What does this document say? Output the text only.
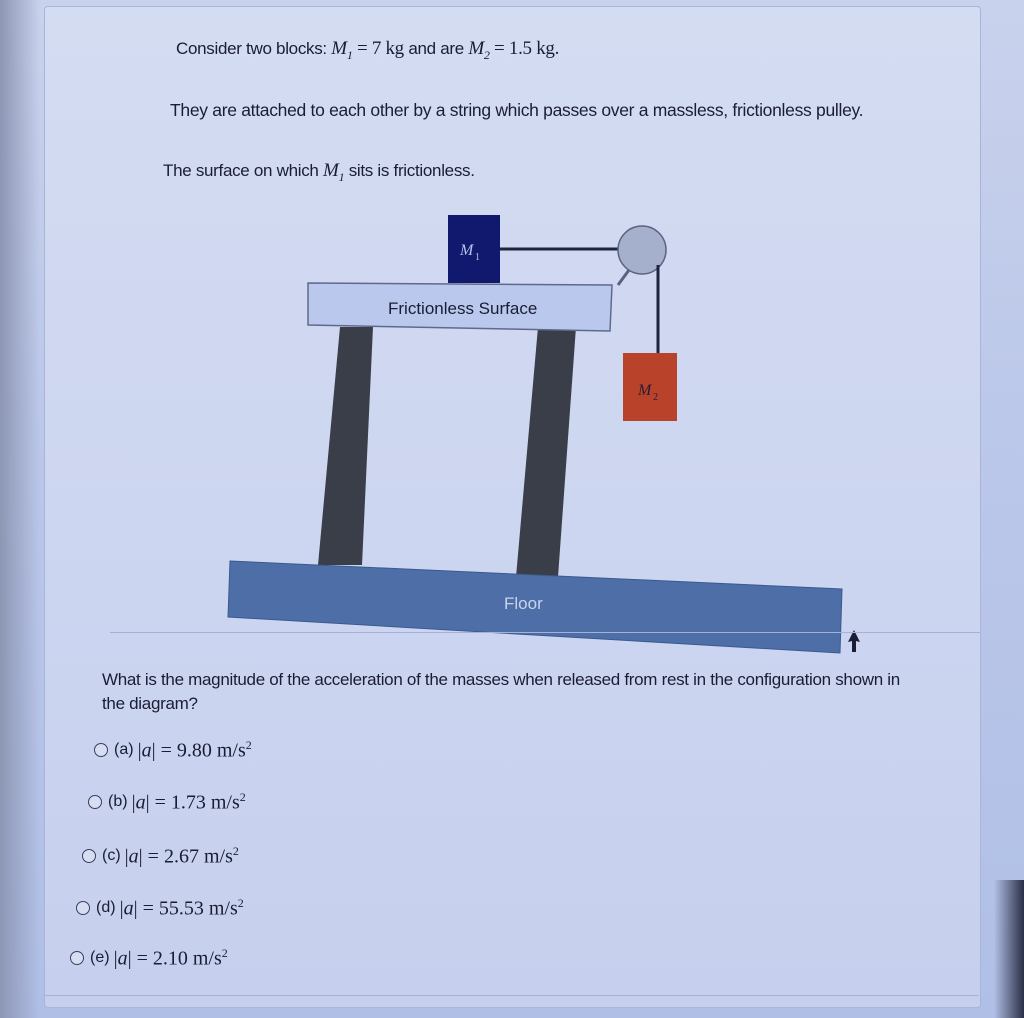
Consider two blocks: $M_1 = 7$ kg and are $M_2 = 1.5$ kg.
They are attached to each other by a string which passes over a massless, frictionless pulley.
The surface on which $M_1$ sits is frictionless.
Floor
Frictionless Surface
M 1
M 2
What is the magnitude of the acceleration of the masses when released from rest in the configuration shown in the diagram?
(a) |a| = 9.80 $m/s^2$
(b) |a| = 1.73 $m/s^2$
(c) |a| = 2.67 $m/s^2$
(d) |a| = 55.53 $m/s^2$
(e) |a| = 2.10 $m/s^2$
